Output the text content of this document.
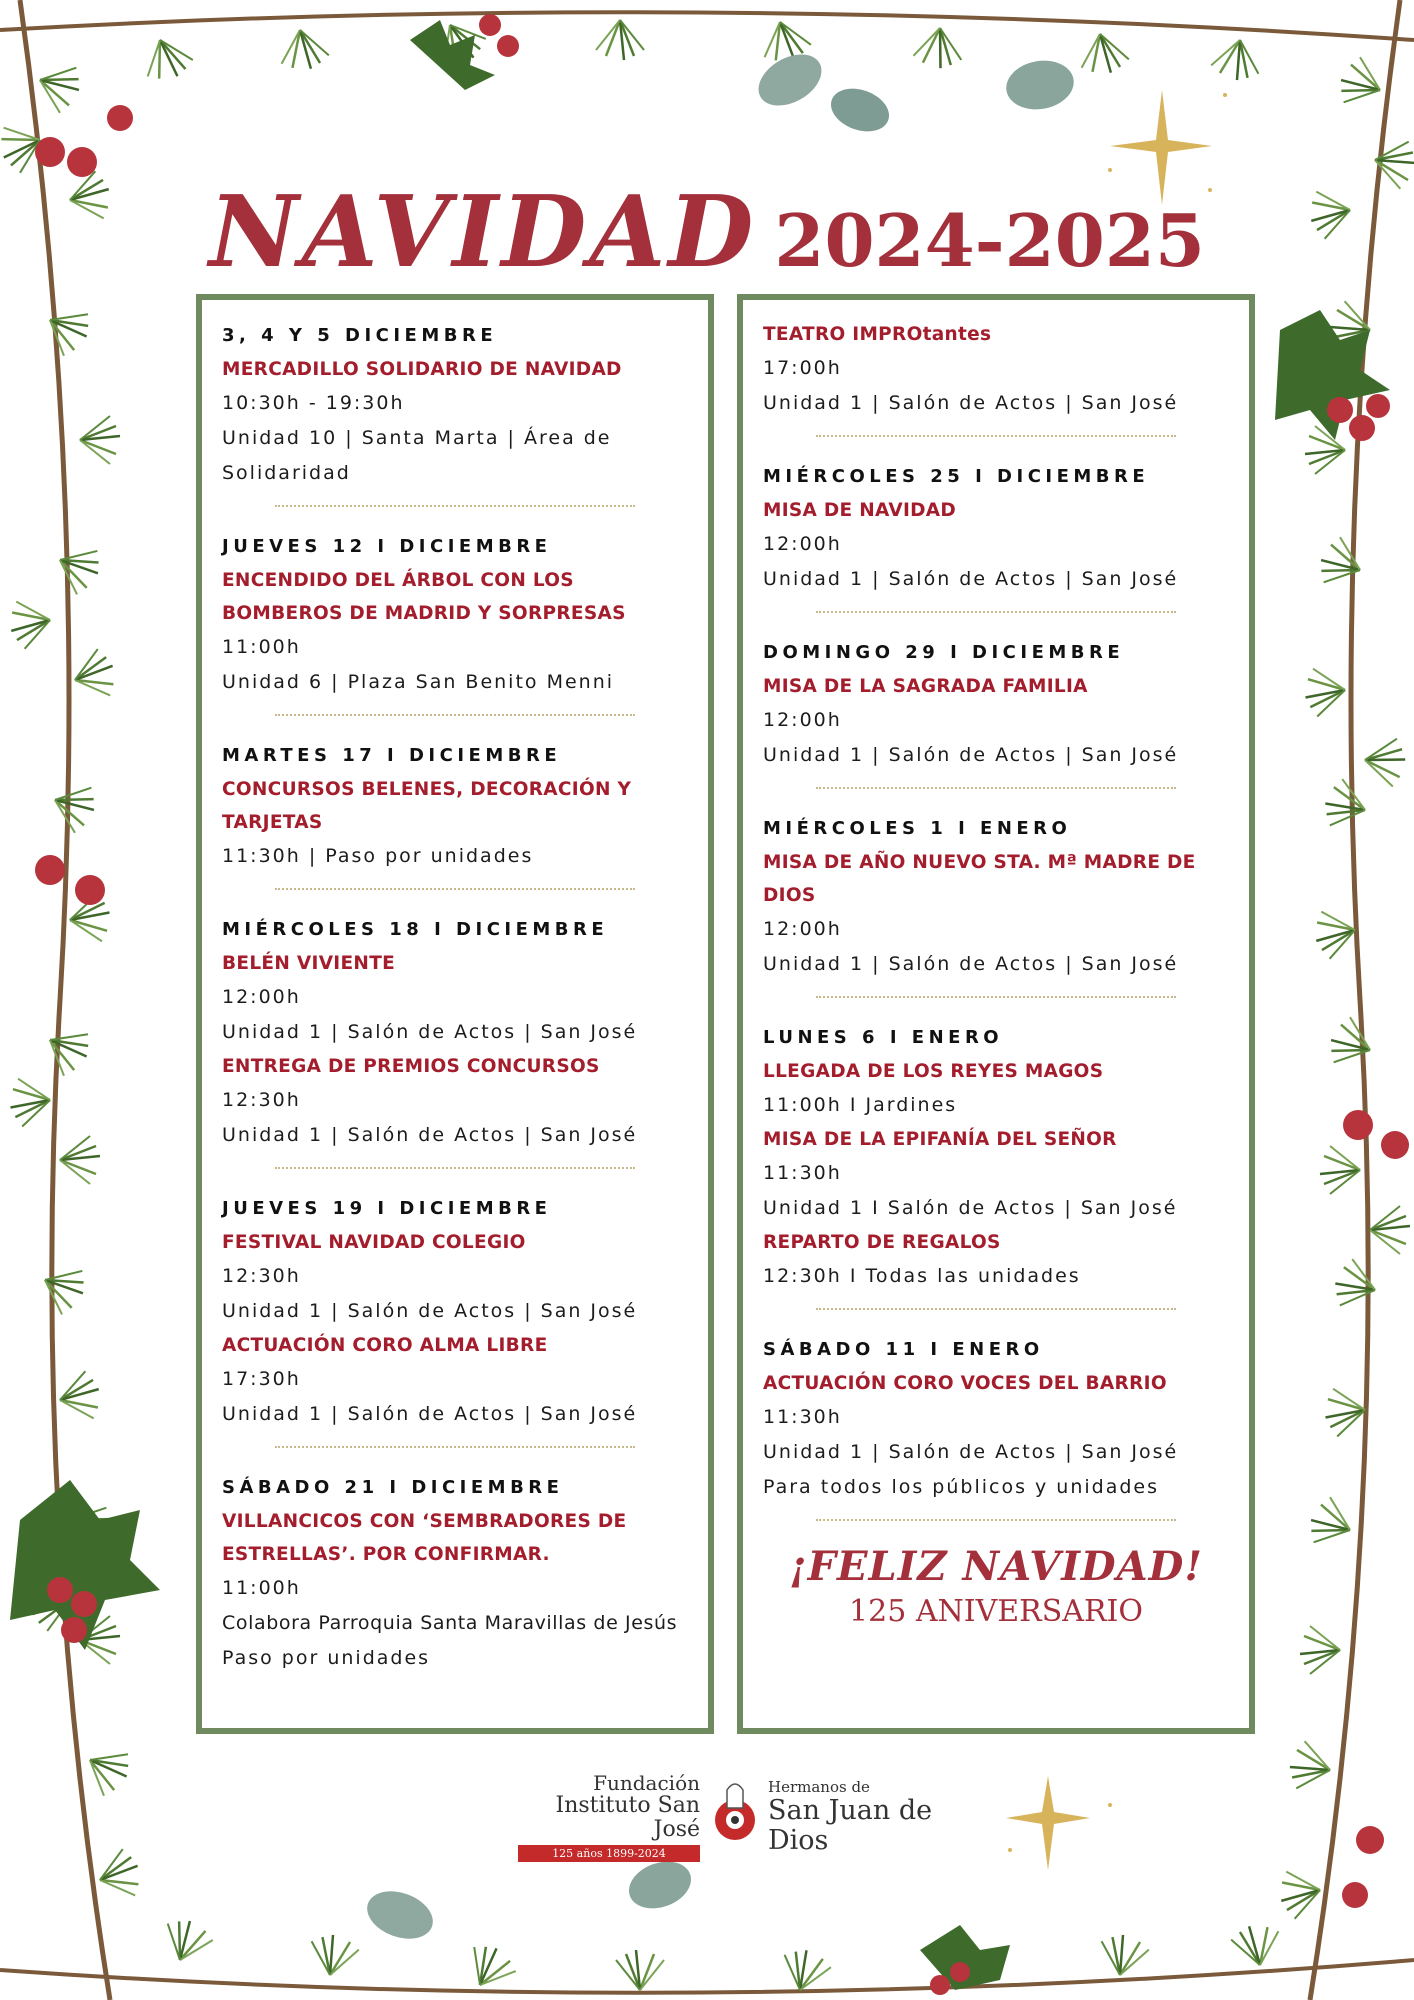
NAVIDAD 2024-2025
3, 4 Y 5 DICIEMBRE
MERCADILLO SOLIDARIO DE NAVIDAD
10:30h - 19:30h
Unidad 10 | Santa Marta | Área de
Solidaridad
JUEVES 12 I DICIEMBRE
ENCENDIDO DEL ÁRBOL CON LOS
BOMBEROS DE MADRID Y SORPRESAS
11:00h
Unidad 6 | Plaza San Benito Menni
MARTES 17 I DICIEMBRE
CONCURSOS BELENES, DECORACIÓN Y
TARJETAS
11:30h | Paso por unidades
MIÉRCOLES 18 I DICIEMBRE
BELÉN VIVIENTE
12:00h
Unidad 1 | Salón de Actos | San José
ENTREGA DE PREMIOS CONCURSOS
12:30h
Unidad 1 | Salón de Actos | San José
JUEVES 19 I DICIEMBRE
FESTIVAL NAVIDAD COLEGIO
12:30h
Unidad 1 | Salón de Actos | San José
ACTUACIÓN CORO ALMA LIBRE
17:30h
Unidad 1 | Salón de Actos | San José
SÁBADO 21 I DICIEMBRE
VILLANCICOS CON ‘SEMBRADORES DE
ESTRELLAS’. POR CONFIRMAR.
11:00h
Colabora Parroquia Santa Maravillas de Jesús
Paso por unidades
TEATRO IMPROtantes
17:00h
Unidad 1 | Salón de Actos | San José
MIÉRCOLES 25 I DICIEMBRE
MISA DE NAVIDAD
12:00h
Unidad 1 | Salón de Actos | San José
DOMINGO 29 I DICIEMBRE
MISA DE LA SAGRADA FAMILIA
12:00h
Unidad 1 | Salón de Actos | San José
MIÉRCOLES 1 I ENERO
MISA DE AÑO NUEVO STA. Mª MADRE DE
DIOS
12:00h
Unidad 1 | Salón de Actos | San José
LUNES 6 I ENERO
LLEGADA DE LOS REYES MAGOS
11:00h I Jardines
MISA DE LA EPIFANÍA DEL SEÑOR
11:30h
Unidad 1 I Salón de Actos | San José
REPARTO DE REGALOS
12:30h I Todas las unidades
SÁBADO 11 I ENERO
ACTUACIÓN CORO VOCES DEL BARRIO
11:30h
Unidad 1 | Salón de Actos | San José
Para todos los públicos y unidades
¡FELIZ NAVIDAD!
125 ANIVERSARIO
Fundación
Instituto San José
125 años 1899-2024
Hermanos de
San Juan de Dios
